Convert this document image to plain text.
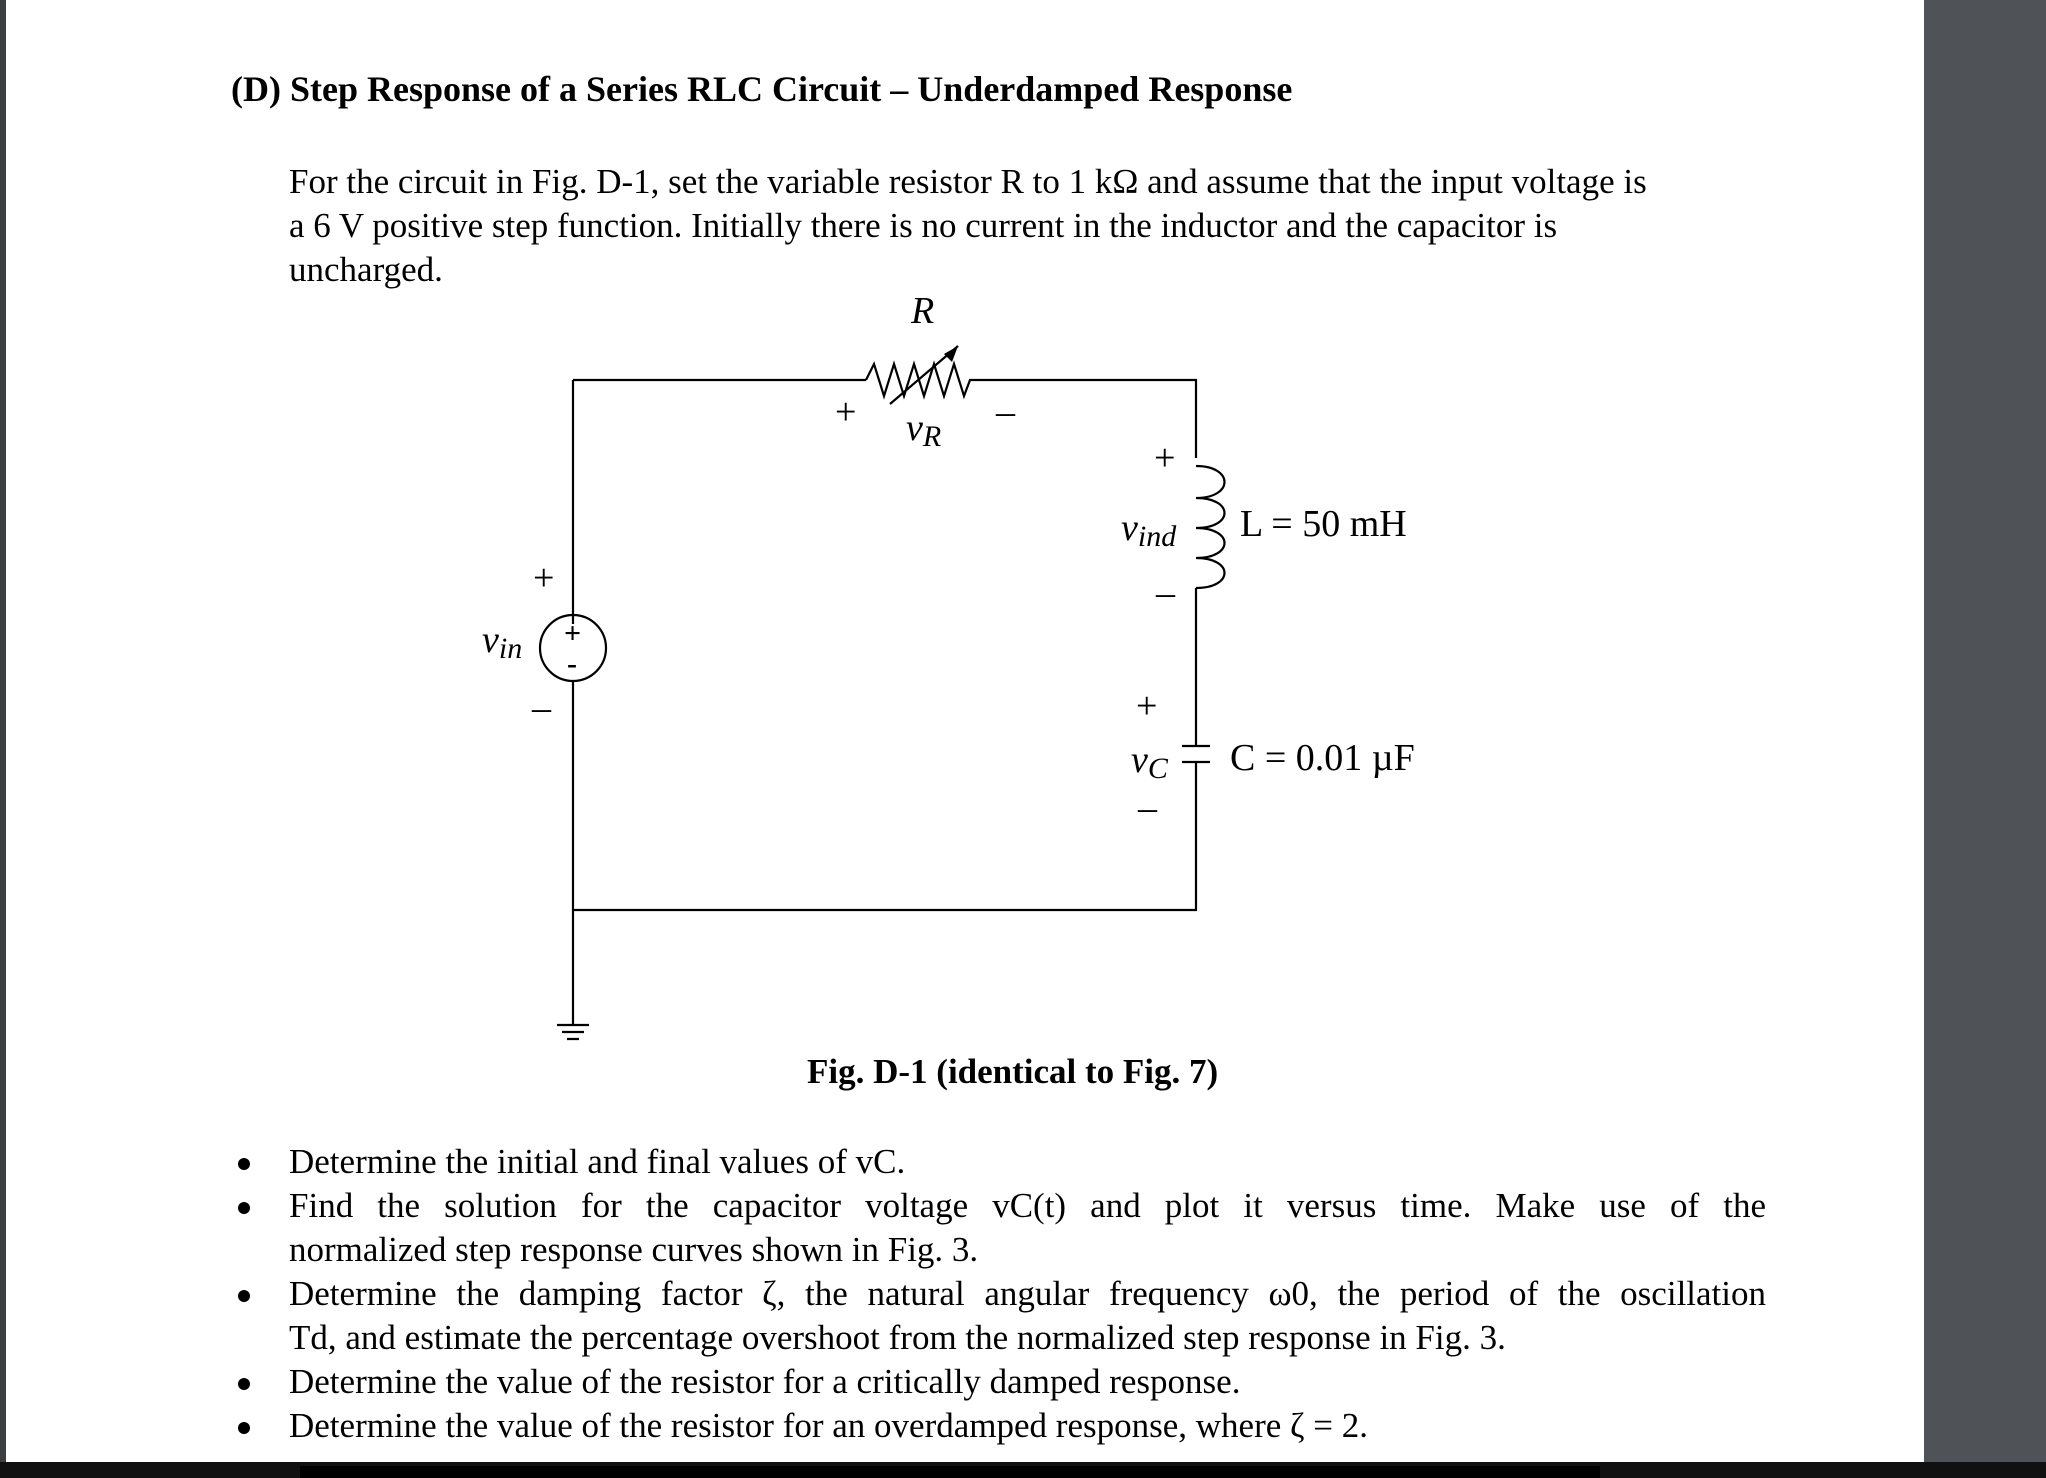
(D) Step Response of a Series RLC Circuit – Underdamped Response

For the circuit in Fig. D-1, set the variable resistor R to 1 kΩ and assume that the input voltage is
a 6 V positive step function. Initially there is no current in the inductor and the capacitor is
uncharged.

R
+	–
vR
+
vind
–
L = 50 mH
+
vC
–
C = 0.01 µF
+
vin
–
+
-

Fig. D-1 (identical to Fig. 7)

Determine the initial and final values of vC.
Find the solution for the capacitor voltage vC(t) and plot it versus time. Make use of the
normalized step response curves shown in Fig. 3.
Determine the damping factor ζ, the natural angular frequency ω0, the period of the oscillation
Td, and estimate the percentage overshoot from the normalized step response in Fig. 3.
Determine the value of the resistor for a critically damped response.
Determine the value of the resistor for an overdamped response, where ζ = 2.
